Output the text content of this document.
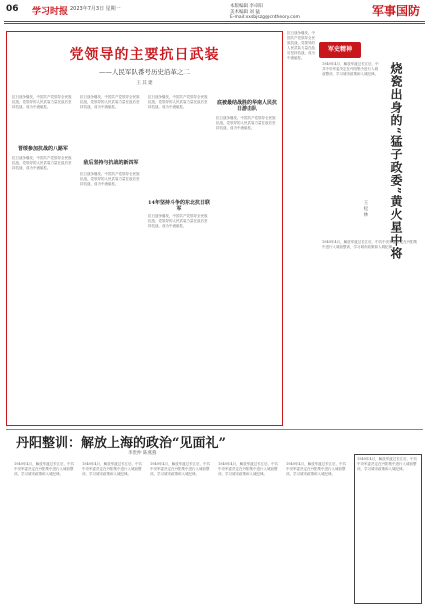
06 学习时报 2023年7月3日 星期一	本版编辑 李卓阳
美术编辑 刘 猛
E-mail:xxsbjszg@cntheory.com	军事国防
党领导的主要抗日武装
——人民军队番号历史沿革之二
王 其 建
抗日战争爆发，中国共产党领导全民族抗战，党领导的人民武装力量在敌后坚持抗战，成为中流砥柱。
晋绥参加抗战的八路军
抗日战争爆发，中国共产党领导全民族抗战，党领导的人民武装力量在敌后坚持抗战，成为中流砥柱。
抗日战争爆发，中国共产党领导全民族抗战，党领导的人民武装力量在敌后坚持抗战，成为中流砥柱。
敌后坚持与抗战的新四军
抗日战争爆发，中国共产党领导全民族抗战，党领导的人民武装力量在敌后坚持抗战，成为中流砥柱。
抗日战争爆发，中国共产党领导全民族抗战，党领导的人民武装力量在敌后坚持抗战，成为中流砥柱。
14年坚持斗争的东北抗日联军
抗日战争爆发，中国共产党领导全民族抗战，党领导的人民武装力量在敌后坚持抗战，成为中流砥柱。
底被最结战胜的华南人民抗日游击队
抗日战争爆发，中国共产党领导全民族抗战，党领导的人民武装力量在敌后坚持抗战，成为中流砥柱。
抗日战争爆发，中国共产党领导全民族抗战，党领导的人民武装力量在敌后坚持抗战，成为中流砥柱。
军史精神
烧瓷出身的“猛子政委”黄火星中将
王 松 林
1949年4月，解放军渡过长江后，中共中央军委决定在丹阳集中进行入城前整训，学习城市政策和入城纪律。
1949年4月，解放军渡过长江后，中共中央军委决定在丹阳集中进行入城前整训，学习城市政策和入城纪律。
丹阳整训：解放上海的政治“见面礼”
李贵仲 陈燕燕
1949年4月，解放军渡过长江后，中共中央军委决定在丹阳集中进行入城前整训，学习城市政策和入城纪律。
1949年4月，解放军渡过长江后，中共中央军委决定在丹阳集中进行入城前整训，学习城市政策和入城纪律。
1949年4月，解放军渡过长江后，中共中央军委决定在丹阳集中进行入城前整训，学习城市政策和入城纪律。
1949年4月，解放军渡过长江后，中共中央军委决定在丹阳集中进行入城前整训，学习城市政策和入城纪律。
1949年4月，解放军渡过长江后，中共中央军委决定在丹阳集中进行入城前整训，学习城市政策和入城纪律。
1949年4月，解放军渡过长江后，中共中央军委决定在丹阳集中进行入城前整训，学习城市政策和入城纪律。
